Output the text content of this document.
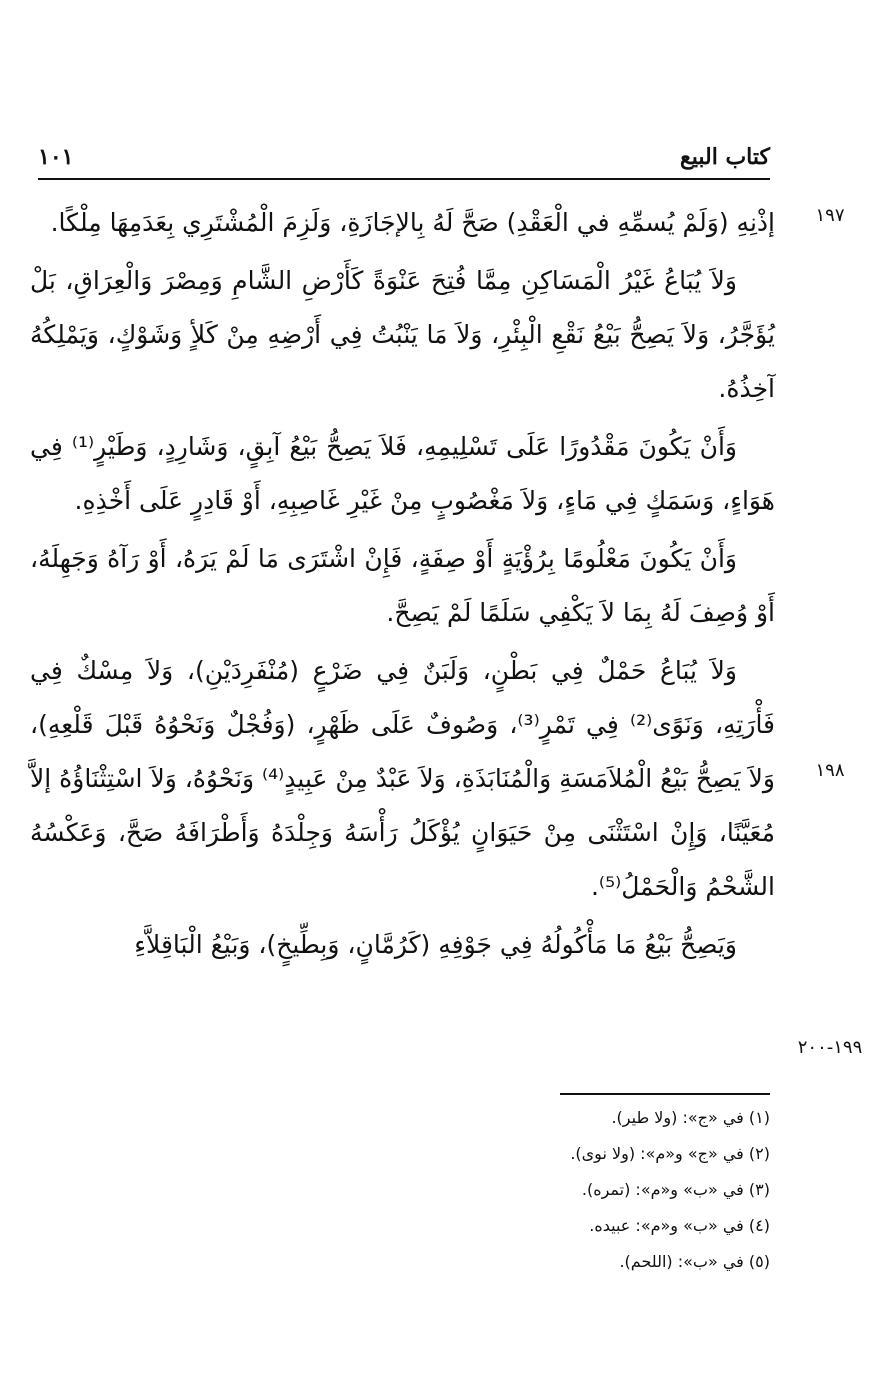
كتاب البيع
١٠١
١٩٧
١٩٨
١٩٩-٢٠٠

إذْنِهِ (وَلَمْ يُسمِّهِ في الْعَقْدِ) صَحَّ لَهُ بِالإجَازَةِ، وَلَزِمَ الْمُشْتَرِي بِعَدَمِهَا مِلْكًا.

وَلاَ يُبَاعُ غَيْرُ الْمَسَاكِنِ مِمَّا فُتِحَ عَنْوَةً كَأَرْضِ الشَّامِ وَمِصْرَ وَالْعِرَاقِ، بَلْ يُؤَجَّرُ، وَلاَ يَصِحُّ بَيْعُ نَقْعِ الْبِئْرِ، وَلاَ مَا يَنْبُتُ فِي أَرْضِهِ مِنْ كَلأٍ وَشَوْكٍ، وَيَمْلِكُهُ آخِذُهُ.

وَأَنْ يَكُونَ مَقْدُورًا عَلَى تَسْلِيمِهِ، فَلاَ يَصِحُّ بَيْعُ آبِقٍ، وَشَارِدٍ، وَطَيْرٍ⁽¹⁾ فِي هَوَاءٍ، وَسَمَكٍ فِي مَاءٍ، وَلاَ مَغْصُوبٍ مِنْ غَيْرِ غَاصِبِهِ، أَوْ قَادِرٍ عَلَى أَخْذِهِ.

وَأَنْ يَكُونَ مَعْلُومًا بِرُؤْيَةٍ أَوْ صِفَةٍ، فَإِنْ اشْتَرَى مَا لَمْ يَرَهُ، أَوْ رَآهُ وَجَهِلَهُ، أَوْ وُصِفَ لَهُ بِمَا لاَ يَكْفِي سَلَمًا لَمْ يَصِحَّ.

وَلاَ يُبَاعُ حَمْلٌ فِي بَطْنٍ، وَلَبَنٌ فِي ضَرْعٍ (مُنْفَرِدَيْنِ)، وَلاَ مِسْكٌ فِي فَأْرَتِهِ، وَنَوًى⁽²⁾ فِي تَمْرٍ⁽³⁾، وَصُوفٌ عَلَى ظَهْرٍ، (وَفُجْلٌ وَنَحْوُهُ قَبْلَ قَلْعِهِ)، وَلاَ يَصِحُّ بَيْعُ الْمُلاَمَسَةِ وَالْمُنَابَذَةِ، وَلاَ عَبْدٌ مِنْ عَبِيدٍ⁽⁴⁾ وَنَحْوُهُ، وَلاَ اسْتِثْنَاؤُهُ إلاَّ مُعَيَّنًا، وَإِنْ اسْتَثْنَى مِنْ حَيَوَانٍ يُؤْكَلُ رَأْسَهُ وَجِلْدَهُ وَأَطْرَافَهُ صَحَّ، وَعَكْسُهُ الشَّحْمُ وَالْحَمْلُ⁽⁵⁾.

وَيَصِحُّ بَيْعُ مَا مَأْكُولُهُ فِي جَوْفِهِ (كَرُمَّانٍ، وَبِطِّيخٍ)، وَبَيْعُ الْبَاقِلاَّءِ

(١) في «ج»: (ولا طير).
(٢) في «ج» و«م»: (ولا نوى).
(٣) في «ب» و«م»: (تمره).
(٤) في «ب» و«م»: عبيده.
(٥) في «ب»: (اللحم).
